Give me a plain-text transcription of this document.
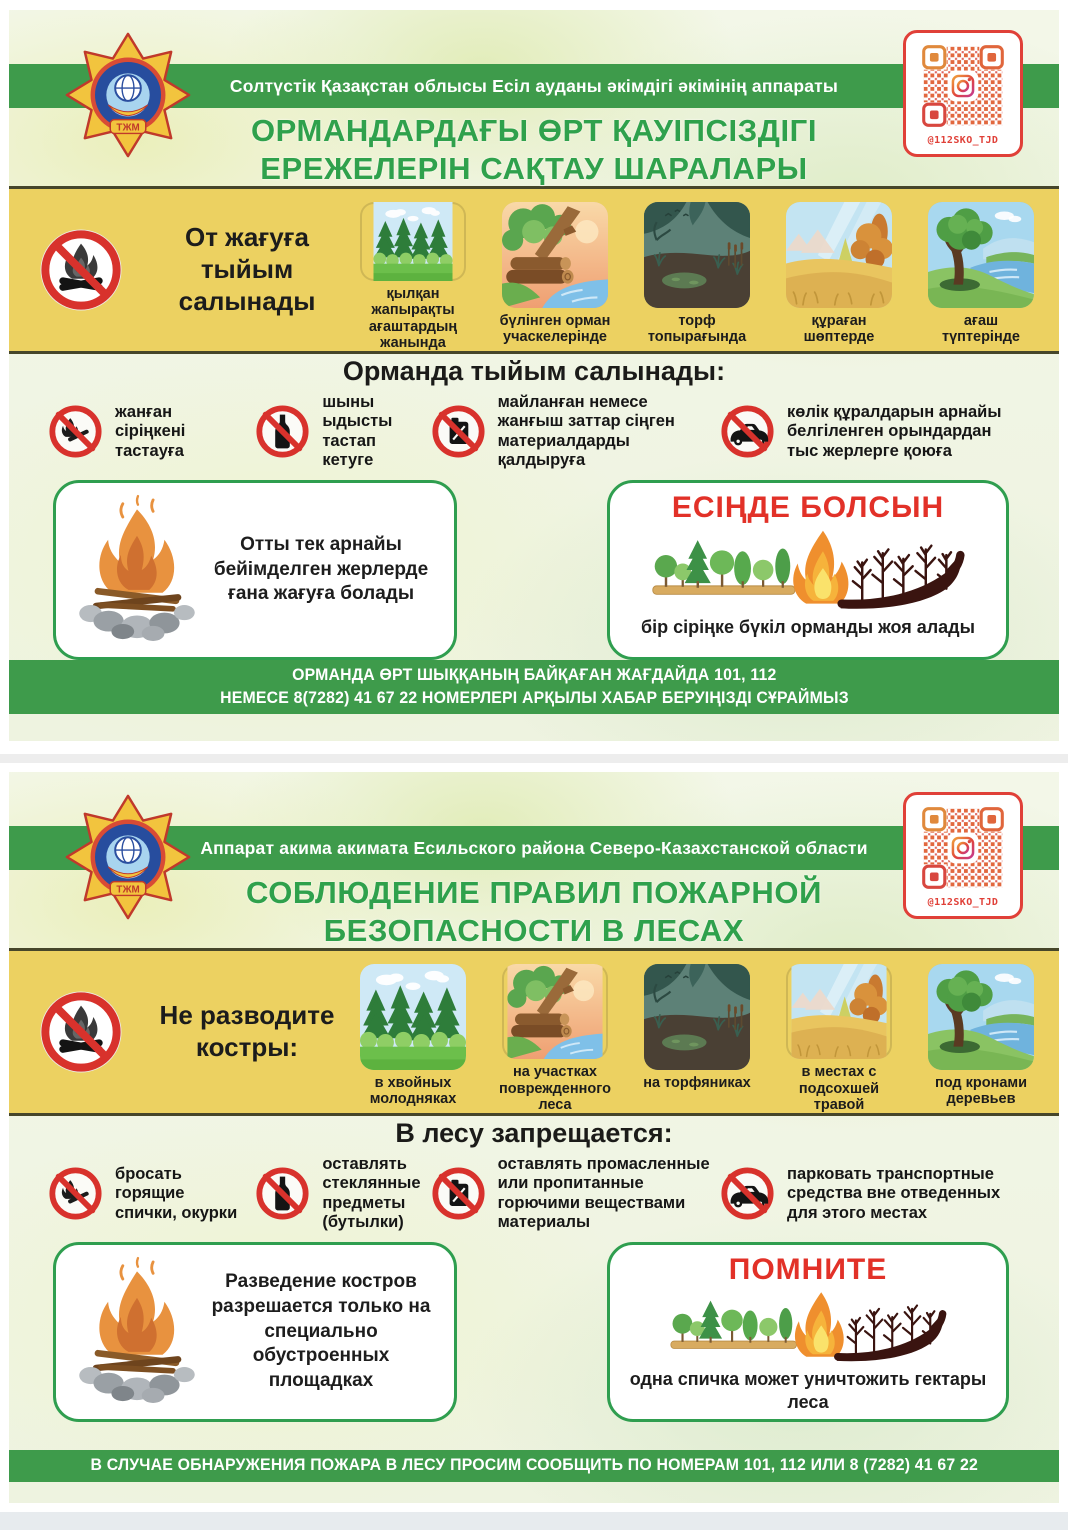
Солтүстік Қазақстан облысы Есіл ауданы әкімдігі әкімінің аппараты
ОРМАНДАРДАҒЫ ӨРТ ҚАУІПСІЗДІГІ
ЕРЕЖЕЛЕРІН САҚТАУ ШАРАЛАРЫ
@112SKO_TJD
От жағуға тыйым салынады	қылқан жапырақты ағаштардың жанында
бүлінген орман учаскелерінде
торф топырағында
құраған шөптерде
ағаш түптерінде
Орманда тыйым салынады:
жанған сіріңкені тастауға
шыны ыдысты тастап кетуге
майланған немесе жанғыш заттар сіңген материалдарды қалдыруға
көлік құралдарын арнайы белгіленген орындардан тыс жерлерге қоюға
Отты тек арнайы бейімделген жерлерде ғана жағуға болады
ЕСІҢДЕ БОЛСЫН
бір сіріңке бүкіл орманды жоя алады
ОРМАНДА ӨРТ ШЫҚҚАНЫҢ БАЙҚАҒАН ЖАҒДАЙДА 101, 112
НЕМЕСЕ 8(7282) 41 67 22 НОМЕРЛЕРІ АРҚЫЛЫ ХАБАР БЕРУІҢІЗДІ СҰРАЙМЫЗ
Аппарат акима акимата Есильского района Северо-Казахстанской области
СОБЛЮДЕНИЕ ПРАВИЛ ПОЖАРНОЙ
БЕЗОПАСНОСТИ В ЛЕСАХ
@112SKO_TJD
Не разводите костры:
в хвойных молодняках
на участках поврежденного леса
на торфяниках
в местах с подсохшей травой
под кронами деревьев
В лесу запрещается:
бросать горящие спички, окурки
оставлять стеклянные предметы (бутылки)
оставлять промасленные или пропитанные горючими веществами материалы
парковать транспортные средства вне отведенных для этого местах
Разведение костров разрешается только на специально обустроенных площадках
ПОМНИТЕ
одна спичка может уничтожить гектары леса
В СЛУЧАЕ ОБНАРУЖЕНИЯ ПОЖАРА В ЛЕСУ ПРОСИМ СООБЩИТЬ ПО НОМЕРАМ 101, 112 ИЛИ 8 (7282) 41 67 22
